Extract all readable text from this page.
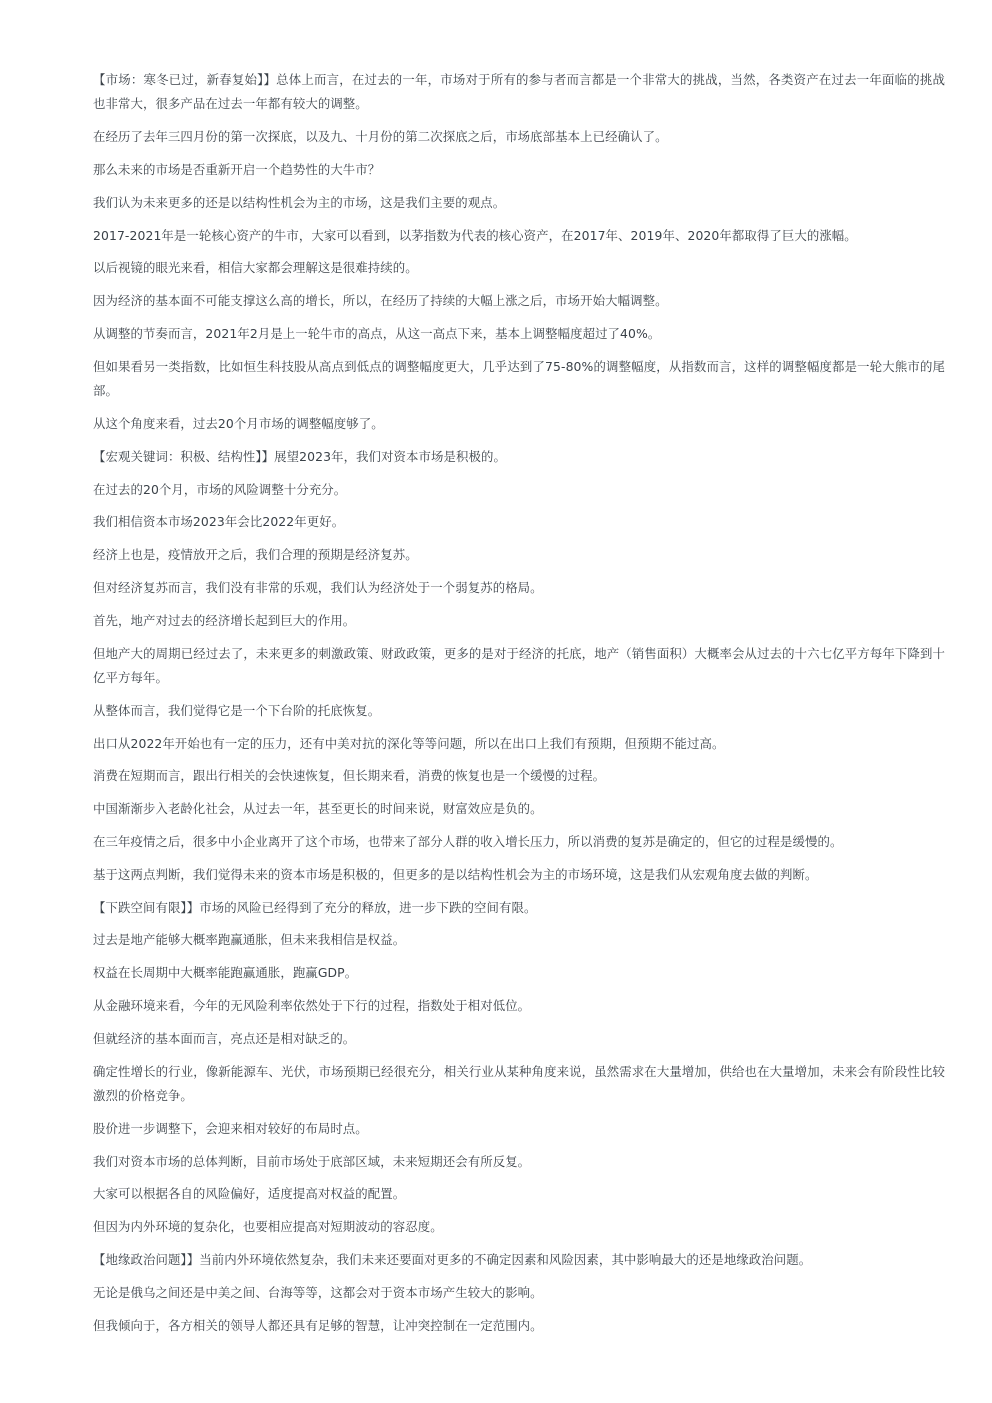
【市场：寒冬已过，新春复始】】总体上而言，在过去的一年，市场对于所有的参与者而言都是一个非常大的挑战，当然，各类资产在过去一年面临的挑战也非常大，很多产品在过去一年都有较大的调整。

在经历了去年三四月份的第一次探底，以及九、十月份的第二次探底之后，市场底部基本上已经确认了。

那么未来的市场是否重新开启一个趋势性的大牛市？

我们认为未来更多的还是以结构性机会为主的市场，这是我们主要的观点。

2017-2021年是一轮核心资产的牛市，大家可以看到，以茅指数为代表的核心资产，在2017年、2019年、2020年都取得了巨大的涨幅。

以后视镜的眼光来看，相信大家都会理解这是很难持续的。

因为经济的基本面不可能支撑这么高的增长，所以，在经历了持续的大幅上涨之后，市场开始大幅调整。

从调整的节奏而言，2021年2月是上一轮牛市的高点，从这一高点下来，基本上调整幅度超过了40%。

但如果看另一类指数，比如恒生科技股从高点到低点的调整幅度更大，几乎达到了75-80%的调整幅度，从指数而言，这样的调整幅度都是一轮大熊市的尾部。

从这个角度来看，过去20个月市场的调整幅度够了。

【宏观关键词：积极、结构性】】展望2023年，我们对资本市场是积极的。

在过去的20个月，市场的风险调整十分充分。

我们相信资本市场2023年会比2022年更好。

经济上也是，疫情放开之后，我们合理的预期是经济复苏。

但对经济复苏而言，我们没有非常的乐观，我们认为经济处于一个弱复苏的格局。

首先，地产对过去的经济增长起到巨大的作用。

但地产大的周期已经过去了，未来更多的刺激政策、财政政策，更多的是对于经济的托底，地产（销售面积）大概率会从过去的十六七亿平方每年下降到十亿平方每年。

从整体而言，我们觉得它是一个下台阶的托底恢复。

出口从2022年开始也有一定的压力，还有中美对抗的深化等等问题，所以在出口上我们有预期，但预期不能过高。

消费在短期而言，跟出行相关的会快速恢复，但长期来看，消费的恢复也是一个缓慢的过程。

中国渐渐步入老龄化社会，从过去一年，甚至更长的时间来说，财富效应是负的。

在三年疫情之后，很多中小企业离开了这个市场，也带来了部分人群的收入增长压力，所以消费的复苏是确定的，但它的过程是缓慢的。

基于这两点判断，我们觉得未来的资本市场是积极的，但更多的是以结构性机会为主的市场环境，这是我们从宏观角度去做的判断。

【下跌空间有限】】市场的风险已经得到了充分的释放，进一步下跌的空间有限。

过去是地产能够大概率跑赢通胀，但未来我相信是权益。

权益在长周期中大概率能跑赢通胀，跑赢GDP。

从金融环境来看，今年的无风险利率依然处于下行的过程，指数处于相对低位。

但就经济的基本面而言，亮点还是相对缺乏的。

确定性增长的行业，像新能源车、光伏，市场预期已经很充分，相关行业从某种角度来说，虽然需求在大量增加，供给也在大量增加，未来会有阶段性比较激烈的价格竞争。

股价进一步调整下，会迎来相对较好的布局时点。

我们对资本市场的总体判断，目前市场处于底部区域，未来短期还会有所反复。

大家可以根据各自的风险偏好，适度提高对权益的配置。

但因为内外环境的复杂化，也要相应提高对短期波动的容忍度。

【地缘政治问题】】当前内外环境依然复杂，我们未来还要面对更多的不确定因素和风险因素，其中影响最大的还是地缘政治问题。

无论是俄乌之间还是中美之间、台海等等，这都会对于资本市场产生较大的影响。

但我倾向于，各方相关的领导人都还具有足够的智慧，让冲突控制在一定范围内。
